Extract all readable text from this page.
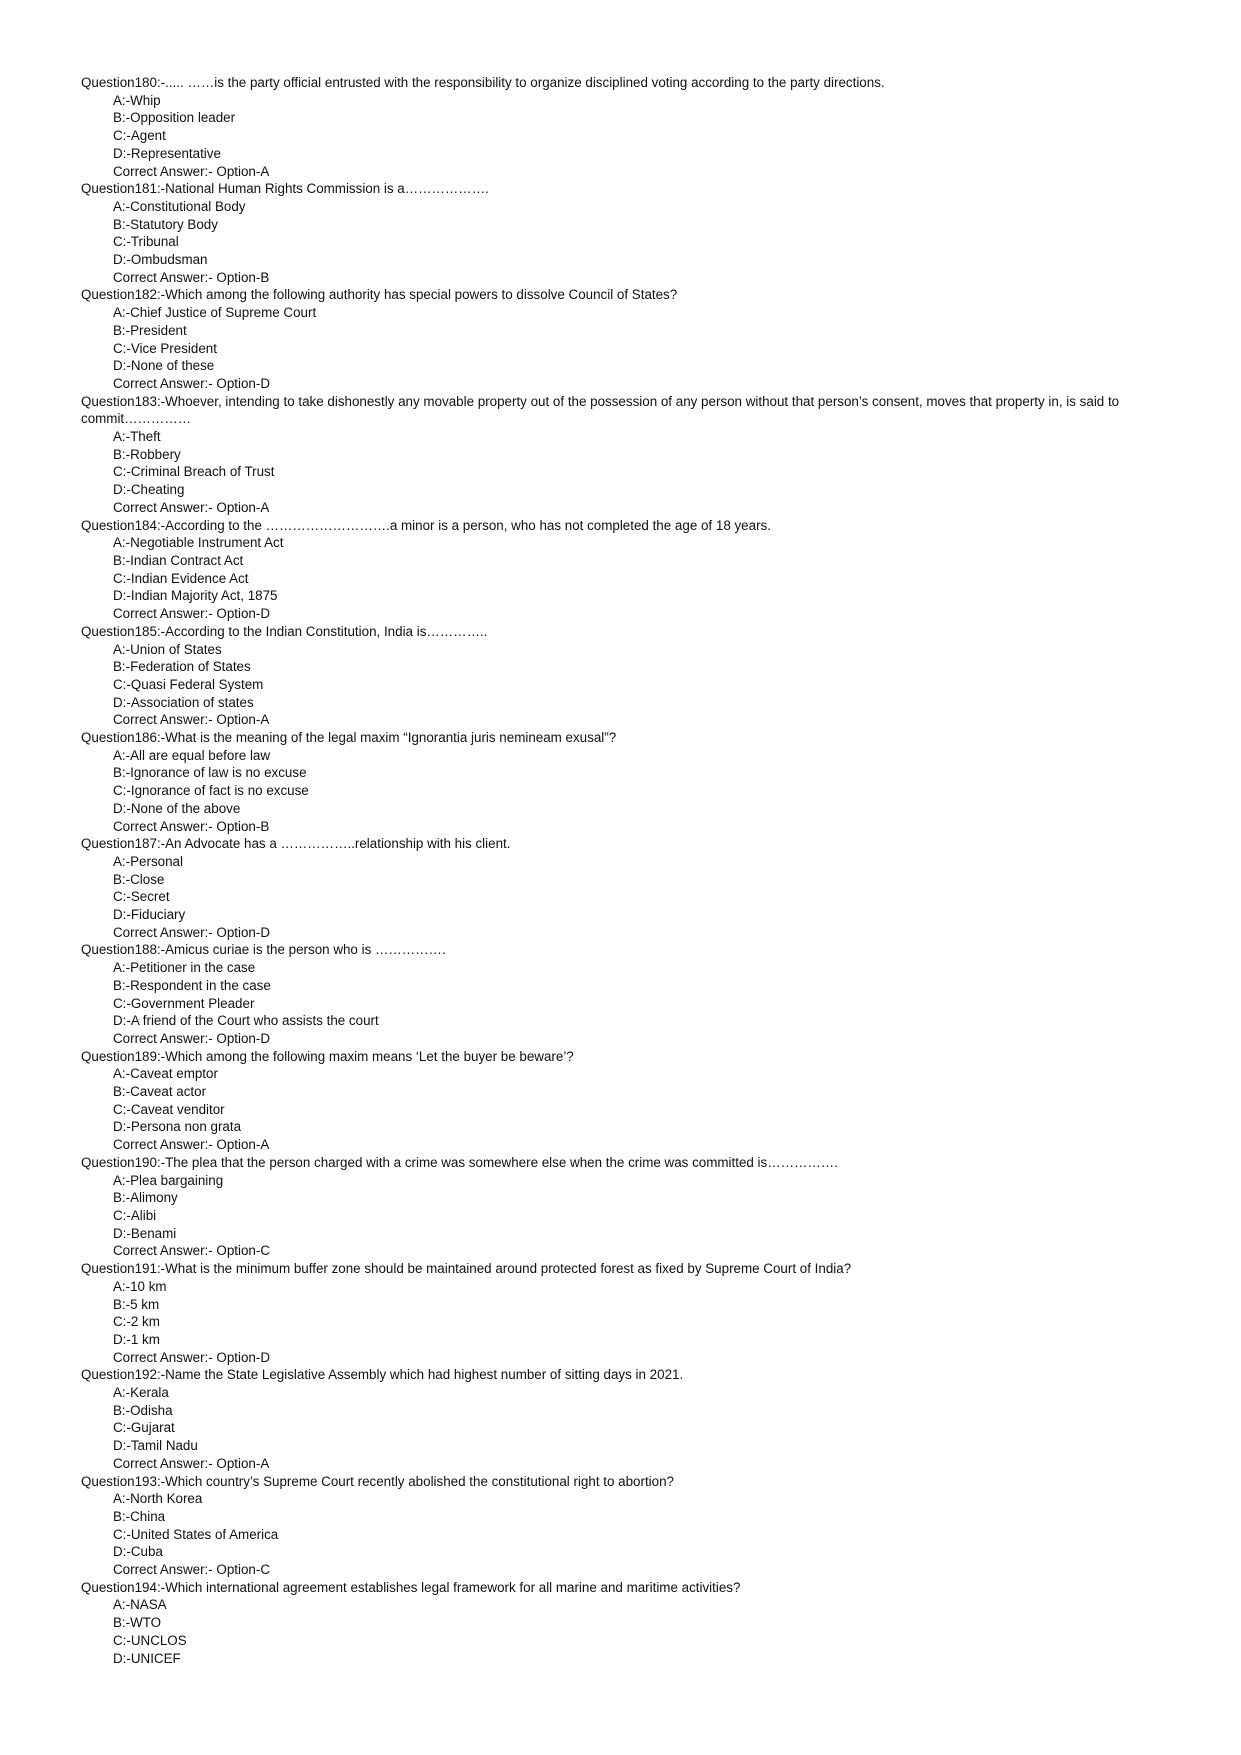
Question180:-..... ……is the party official entrusted with the responsibility to organize disciplined voting according to the party directions.
A:-Whip
B:-Opposition leader
C:-Agent
D:-Representative
Correct Answer:- Option-A
Question181:-National Human Rights Commission is a……………….
A:-Constitutional Body
B:-Statutory Body
C:-Tribunal
D:-Ombudsman
Correct Answer:- Option-B
Question182:-Which among the following authority has special powers to dissolve Council of States?
A:-Chief Justice of Supreme Court
B:-President
C:-Vice President
D:-None of these
Correct Answer:- Option-D
Question183:-Whoever, intending to take dishonestly any movable property out of the possession of any person without that person’s consent, moves that property in, is said to commit……………
A:-Theft
B:-Robbery
C:-Criminal Breach of Trust
D:-Cheating
Correct Answer:- Option-A
Question184:-According to the ……………………….a minor is a person, who has not completed the age of 18 years.
A:-Negotiable Instrument Act
B:-Indian Contract Act
C:-Indian Evidence Act
D:-Indian Majority Act, 1875
Correct Answer:- Option-D
Question185:-According to the Indian Constitution, India is…………..
A:-Union of States
B:-Federation of States
C:-Quasi Federal System
D:-Association of states
Correct Answer:- Option-A
Question186:-What is the meaning of the legal maxim “Ignorantia juris nemineam exusal”?
A:-All are equal before law
B:-Ignorance of law is no excuse
C:-Ignorance of fact is no excuse
D:-None of the above
Correct Answer:- Option-B
Question187:-An Advocate has a ……………..relationship with his client.
A:-Personal
B:-Close
C:-Secret
D:-Fiduciary
Correct Answer:- Option-D
Question188:-Amicus curiae is the person who is …………….
A:-Petitioner in the case
B:-Respondent in the case
C:-Government Pleader
D:-A friend of the Court who assists the court
Correct Answer:- Option-D
Question189:-Which among the following maxim means ‘Let the buyer be beware’?
A:-Caveat emptor
B:-Caveat actor
C:-Caveat venditor
D:-Persona non grata
Correct Answer:- Option-A
Question190:-The plea that the person charged with a crime was somewhere else when the crime was committed is…………….
A:-Plea bargaining
B:-Alimony
C:-Alibi
D:-Benami
Correct Answer:- Option-C
Question191:-What is the minimum buffer zone should be maintained around protected forest as fixed by Supreme Court of India?
A:-10 km
B:-5 km
C:-2 km
D:-1 km
Correct Answer:- Option-D
Question192:-Name the State Legislative Assembly which had highest number of sitting days in 2021.
A:-Kerala
B:-Odisha
C:-Gujarat
D:-Tamil Nadu
Correct Answer:- Option-A
Question193:-Which country’s Supreme Court recently abolished the constitutional right to abortion?
A:-North Korea
B:-China
C:-United States of America
D:-Cuba
Correct Answer:- Option-C
Question194:-Which international agreement establishes legal framework for all marine and maritime activities?
A:-NASA
B:-WTO
C:-UNCLOS
D:-UNICEF
